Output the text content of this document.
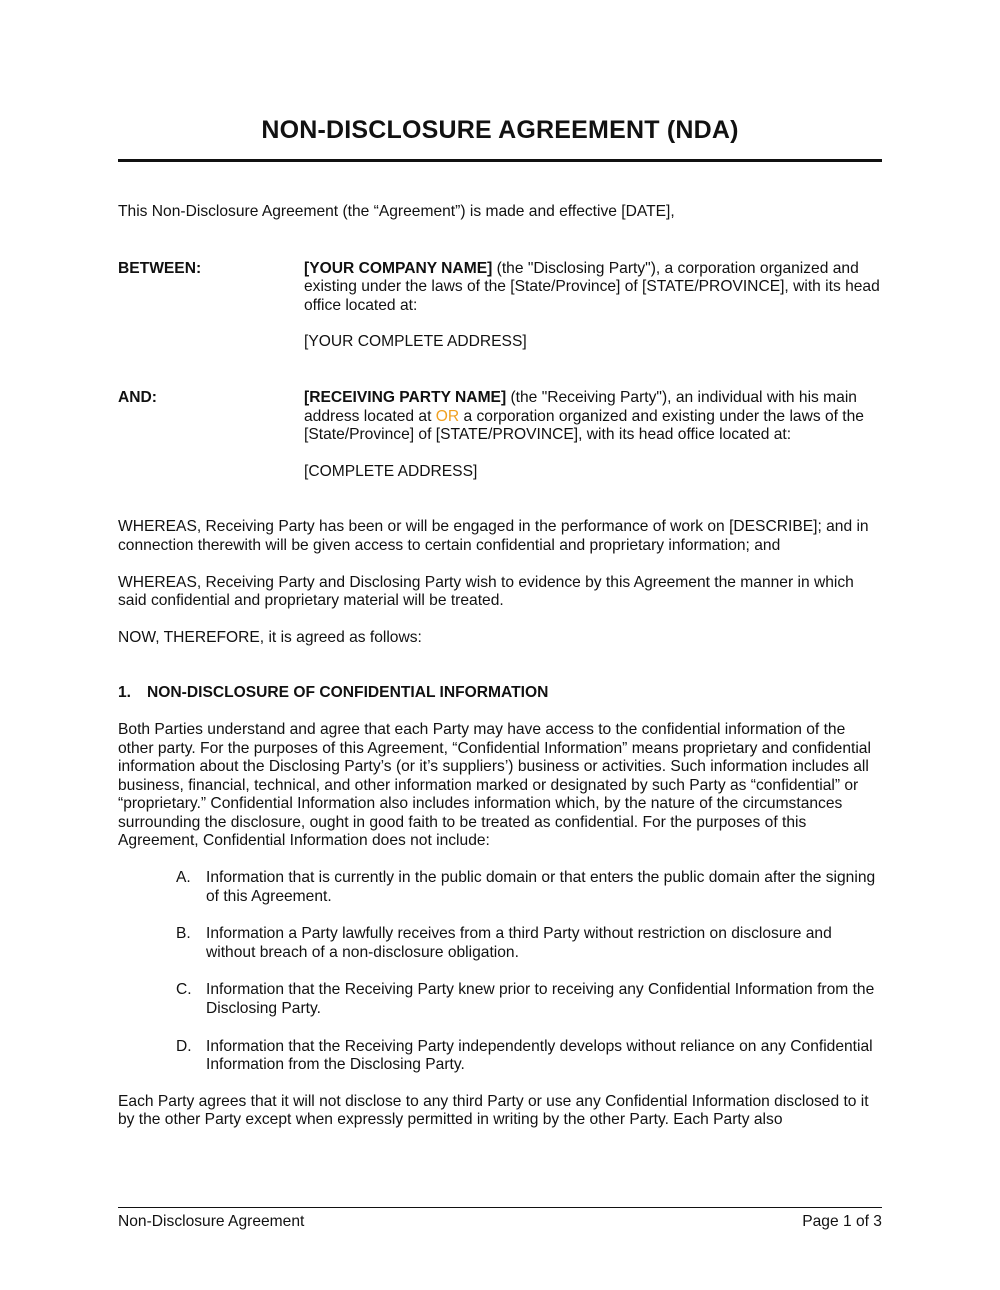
NON-DISCLOSURE AGREEMENT (NDA)

This Non-Disclosure Agreement (the “Agreement”) is made and effective [DATE],

BETWEEN:	[YOUR COMPANY NAME] (the "Disclosing Party"), a corporation organized and existing under the laws of the [State/Province] of [STATE/PROVINCE], with its head office located at:

[YOUR COMPLETE ADDRESS]

AND:	[RECEIVING PARTY NAME] (the "Receiving Party"), an individual with his main address located at OR a corporation organized and existing under the laws of the [State/Province] of [STATE/PROVINCE], with its head office located at:

[COMPLETE ADDRESS]

WHEREAS, Receiving Party has been or will be engaged in the performance of work on [DESCRIBE]; and in connection therewith will be given access to certain confidential and proprietary information; and

WHEREAS, Receiving Party and Disclosing Party wish to evidence by this Agreement the manner in which said confidential and proprietary material will be treated.

NOW, THEREFORE, it is agreed as follows:

1.	NON-DISCLOSURE OF CONFIDENTIAL INFORMATION

Both Parties understand and agree that each Party may have access to the confidential information of the other party. For the purposes of this Agreement, “Confidential Information” means proprietary and confidential information about the Disclosing Party’s (or it’s suppliers’) business or activities. Such information includes all business, financial, technical, and other information marked or designated by such Party as “confidential” or “proprietary.” Confidential Information also includes information which, by the nature of the circumstances surrounding the disclosure, ought in good faith to be treated as confidential. For the purposes of this Agreement, Confidential Information does not include:

A. Information that is currently in the public domain or that enters the public domain after the signing of this Agreement.
B. Information a Party lawfully receives from a third Party without restriction on disclosure and without breach of a non-disclosure obligation.
C. Information that the Receiving Party knew prior to receiving any Confidential Information from the Disclosing Party.
D. Information that the Receiving Party independently develops without reliance on any Confidential Information from the Disclosing Party.

Each Party agrees that it will not disclose to any third Party or use any Confidential Information disclosed to it by the other Party except when expressly permitted in writing by the other Party. Each Party also

Non-Disclosure Agreement	Page 1 of 3
